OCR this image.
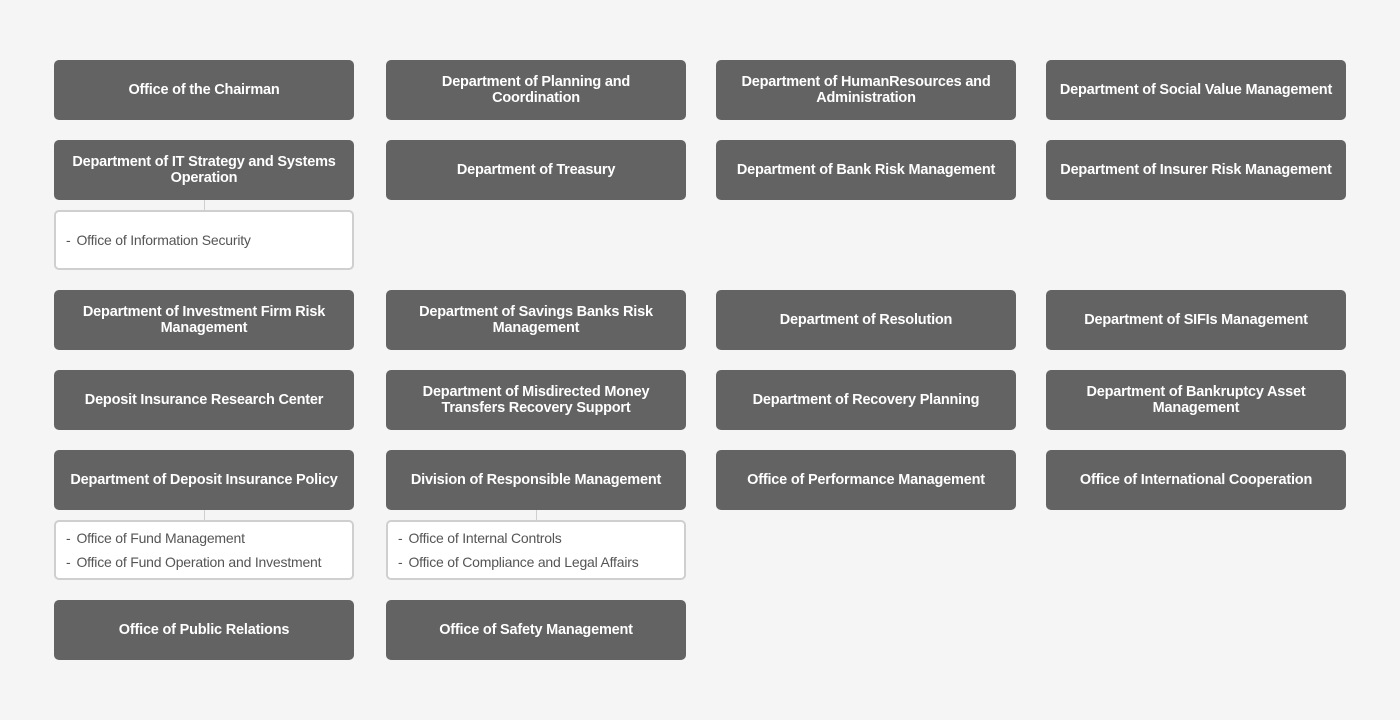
Office of the Chairman
Department of IT Strategy and Systems Operation
- Office of Information Security
Department of Investment Firm Risk Management
Deposit Insurance Research Center
Department of Deposit Insurance Policy
- Office of Fund Management
- Office of Fund Operation and Investment
Office of Public Relations
Department of Planning and Coordination
Department of Treasury
Department of Savings Banks Risk Management
Department of Misdirected Money Transfers Recovery Support
Division of Responsible Management
- Office of Internal Controls
- Office of Compliance and Legal Affairs
Office of Safety Management
Department of HumanResources and Administration
Department of Bank Risk Management
Department of Resolution
Department of Recovery Planning
Office of Performance Management
Department of Social Value Management
Department of Insurer Risk Management
Department of SIFIs Management
Department of Bankruptcy Asset Management
Office of International Cooperation
